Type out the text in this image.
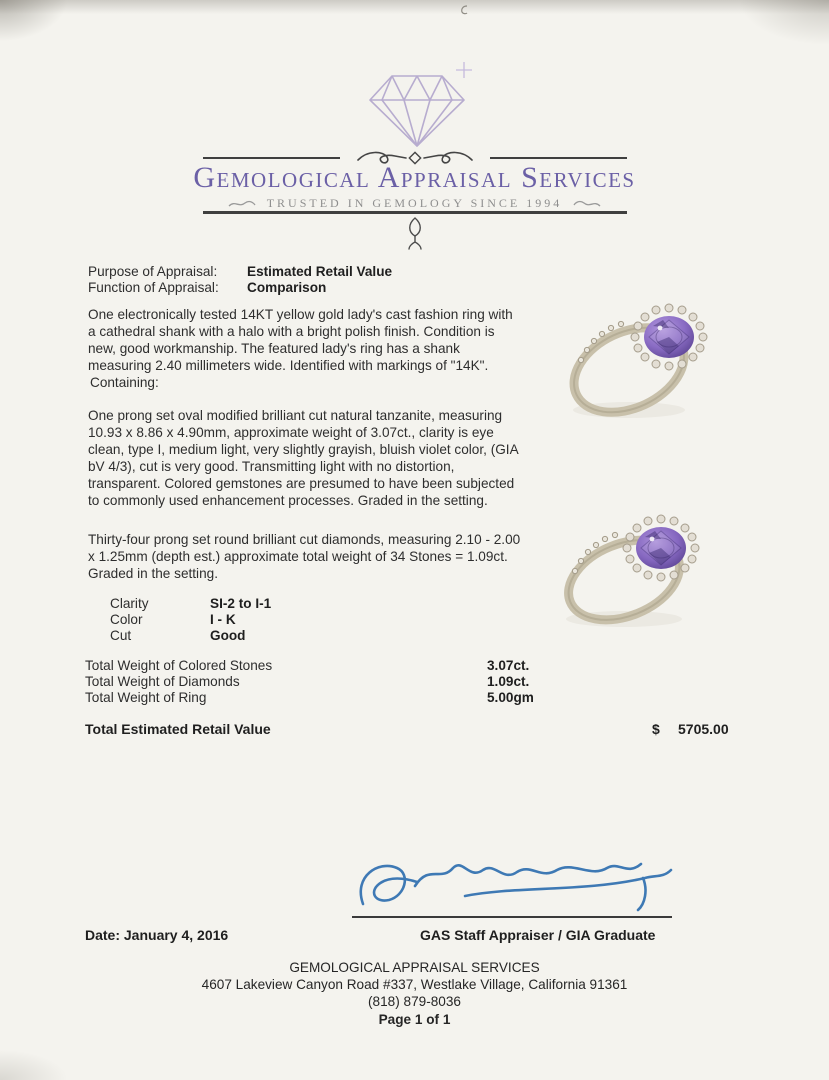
Gemological Appraisal Services
TRUSTED IN GEMOLOGY SINCE 1994
Purpose of Appraisal: Estimated Retail Value
Function of Appraisal: Comparison
One electronically tested 14KT yellow gold lady's cast fashion ring with a cathedral shank with a halo with a bright polish finish. Condition is new, good workmanship. The featured lady's ring has a shank measuring 2.40 millimeters wide. Identified with markings of "14K".
Containing:
One prong set oval modified brilliant cut natural tanzanite, measuring 10.93 x 8.86 x 4.90mm, approximate weight of 3.07ct., clarity is eye clean, type I, medium light, very slightly grayish, bluish violet color, (GIA bV 4/3), cut is very good. Transmitting light with no distortion, transparent. Colored gemstones are presumed to have been subjected to commonly used enhancement processes. Graded in the setting.
Thirty-four prong set round brilliant cut diamonds, measuring 2.10 - 2.00 x 1.25mm (depth est.) approximate total weight of 34 Stones = 1.09ct. Graded in the setting.
Clarity	SI-2 to I-1
Color	I - K
Cut	Good
Total Weight of Colored Stones	3.07ct.
Total Weight of Diamonds	1.09ct.
Total Weight of Ring	5.00gm
Total Estimated Retail Value	$ 5705.00
Date: January 4, 2016	GAS Staff Appraiser / GIA Graduate
GEMOLOGICAL APPRAISAL SERVICES
4607 Lakeview Canyon Road #337, Westlake Village, California 91361
(818) 879-8036
Page 1 of 1
